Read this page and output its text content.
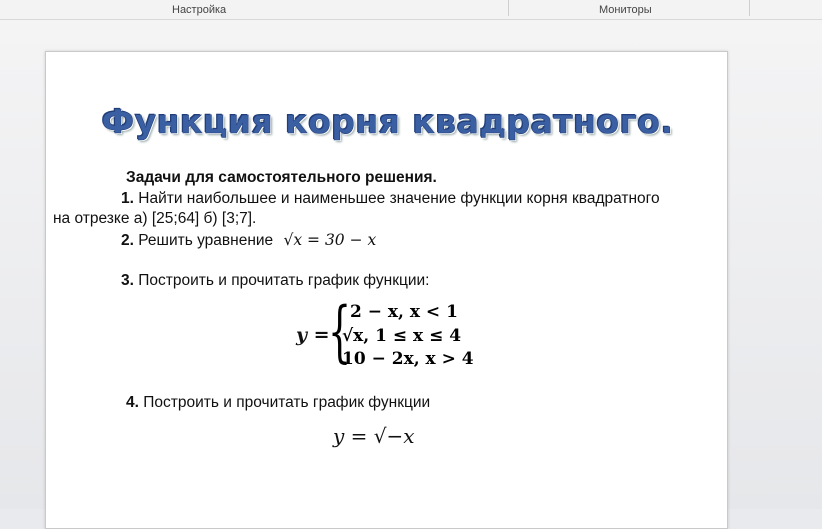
Настройка	Мониторы
Функция корня квадратного.
Задачи для самостоятельного решения.
1. Найти наибольшее и наименьшее значение функции корня квадратного
на отрезке а) [25;64] б) [3;7].
2. Решить уравнение √x = 30 − x
3. Построить и прочитать график функции:
y =
{
2 − x, x < 1
√x, 1 ≤ x ≤ 4
10 − 2x, x > 4
4. Построить и прочитать график функции
y = √−x
